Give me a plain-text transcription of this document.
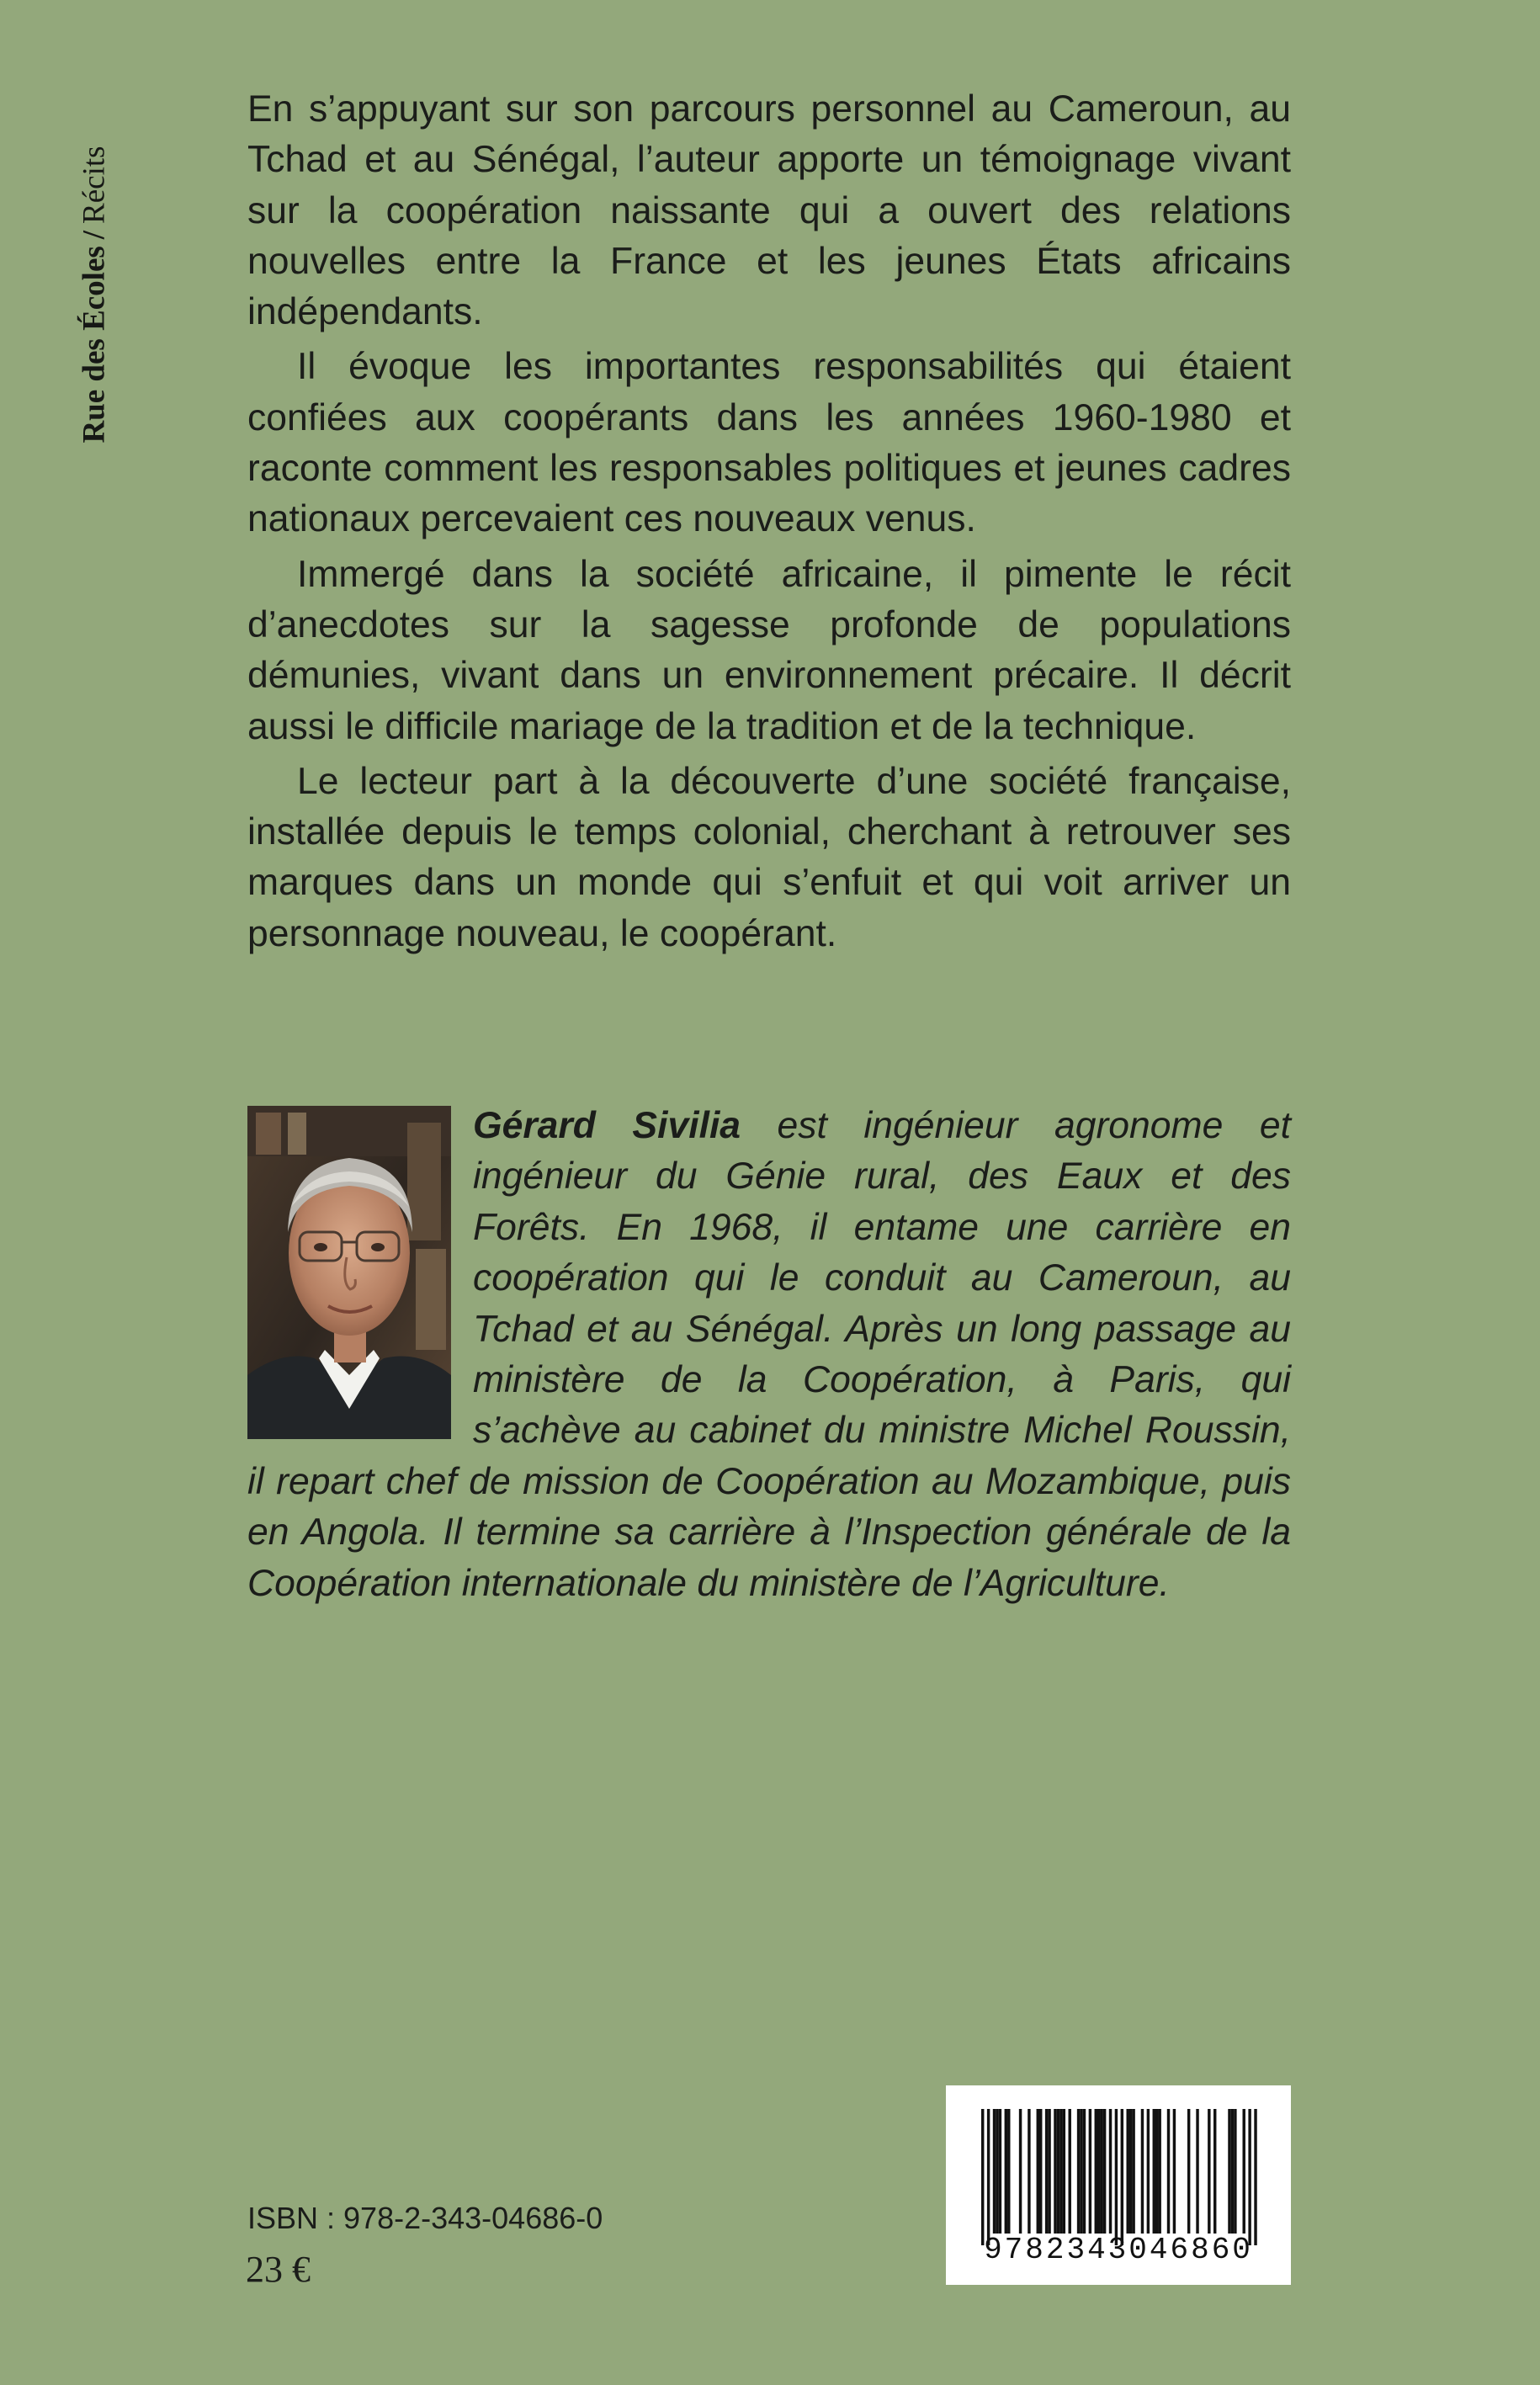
Rue des Écoles/Récits

En s’appuyant sur son parcours personnel au Cameroun, au Tchad et au Sénégal, l’auteur apporte un témoignage vivant sur la coopération naissante qui a ouvert des relations nouvelles entre la France et les jeunes États africains indépendants.

Il évoque les importantes responsabilités qui étaient confiées aux coopérants dans les années 1960-1980 et raconte comment les responsables politiques et jeunes cadres nationaux percevaient ces nouveaux venus.

Immergé dans la société africaine, il pimente le récit d’anecdotes sur la sagesse profonde de populations démunies, vivant dans un environnement précaire. Il décrit aussi le difficile mariage de la tradition et de la technique.

Le lecteur part à la découverte d’une société française, installée depuis le temps colonial, cherchant à retrouver ses marques dans un monde qui s’enfuit et qui voit arriver un personnage nouveau, le coopérant.

Gérard Sivilia est ingénieur agronome et ingénieur du Génie rural, des Eaux et des Forêts. En 1968, il entame une carrière en coopération qui le conduit au Cameroun, au Tchad et au Sénégal. Après un long passage au ministère de la Coopération, à Paris, qui s’achève au cabinet du ministre Michel Roussin, il repart chef de mission de Coopération au Mozambique, puis en Angola. Il termine sa carrière à l’Inspection générale de la Coopération internationale du ministère de l’Agriculture.
ISBN : 978-2-343-04686-0
23 €	9782343046860
